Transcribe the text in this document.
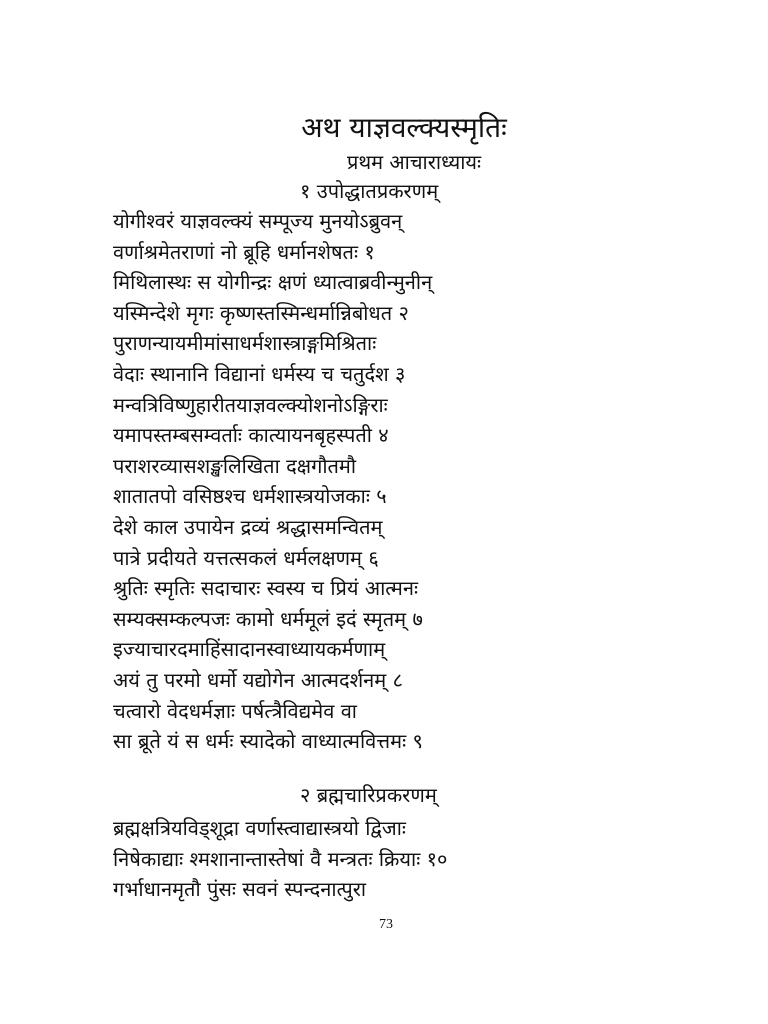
अथ याज्ञवल्क्यस्मृतिः
प्रथम आचाराध्यायः
१ उपोद्धातप्रकरणम्
योगीश्वरं याज्ञवल्क्यं सम्पूज्य मुनयोऽब्रुवन्
वर्णाश्रमेतराणां नो ब्रूहि धर्मानशेषतः १
मिथिलास्थः स योगीन्द्रः क्षणं ध्यात्वाब्रवीन्मुनीन्
यस्मिन्देशे मृगः कृष्णस्तस्मिन्धर्मान्निबोधत २
पुराणन्यायमीमांसाधर्मशास्त्राङ्गमिश्रिताः
वेदाः स्थानानि विद्यानां धर्मस्य च चतुर्दश ३
मन्वत्रिविष्णुहारीतयाज्ञवल्क्योशनोऽङ्गिराः
यमापस्तम्बसम्वर्ताः कात्यायनबृहस्पती ४
पराशरव्यासशङ्खलिखिता दक्षगौतमौ
शातातपो वसिष्ठश्च धर्मशास्त्रयोजकाः ५
देशे काल उपायेन द्रव्यं श्रद्धासमन्वितम्
पात्रे प्रदीयते यत्तत्सकलं धर्मलक्षणम् ६
श्रुतिः स्मृतिः सदाचारः स्वस्य च प्रियं आत्मनः
सम्यक्सम्कल्पजः कामो धर्ममूलं इदं स्मृतम् ७
इज्याचारदमाहिंसादानस्वाध्यायकर्मणाम्
अयं तु परमो धर्मो यद्योगेन आत्मदर्शनम् ८
चत्वारो वेदधर्मज्ञाः पर्षत्त्रैविद्यमेव वा
सा ब्रूते यं स धर्मः स्यादेको वाध्यात्मवित्तमः ९
२ ब्रह्मचारिप्रकरणम्
ब्रह्मक्षत्रियविड्शूद्रा वर्णास्त्वाद्यास्त्रयो द्विजाः
निषेकाद्याः श्मशानान्तास्तेषां वै मन्त्रतः क्रियाः १०
गर्भाधानमृतौ पुंसः सवनं स्पन्दनात्पुरा
73
